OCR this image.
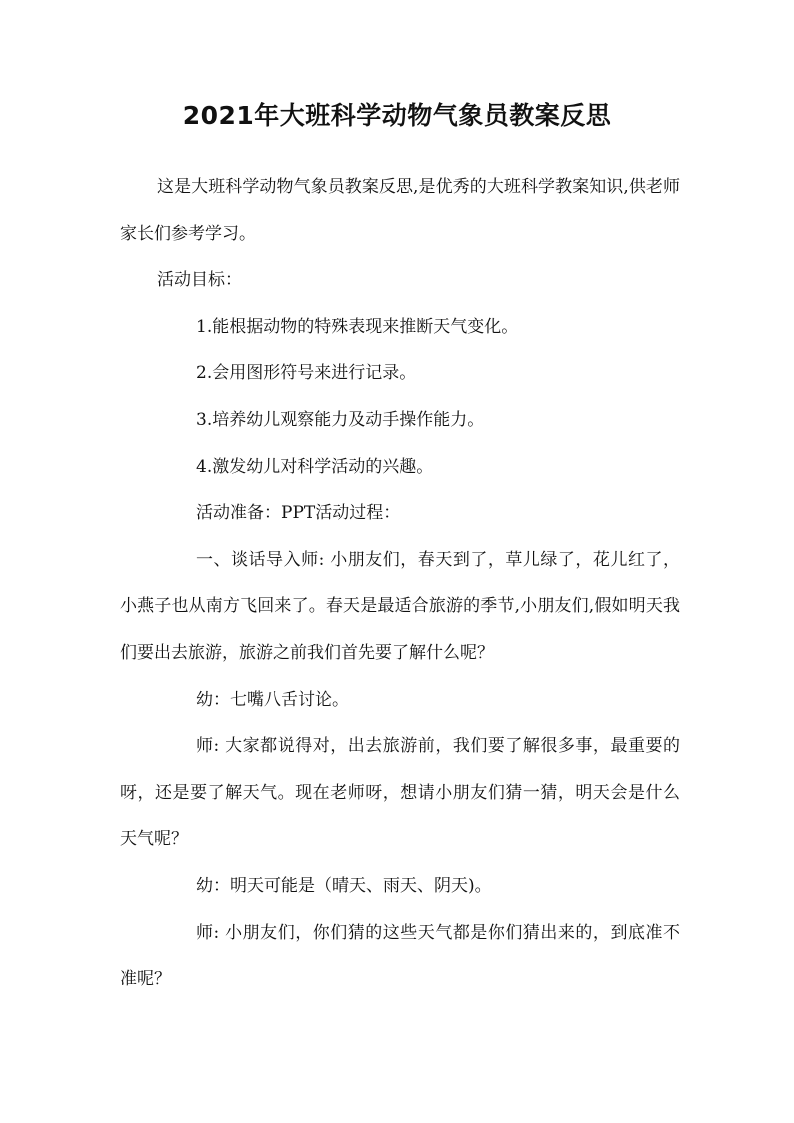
2021年大班科学动物气象员教案反思

这是大班科学动物气象员教案反思,是优秀的大班科学教案知识,供老师家长们参考学习。

活动目标：

1.能根据动物的特殊表现来推断天气变化。

2.会用图形符号来进行记录。

3.培养幼儿观察能力及动手操作能力。

4.激发幼儿对科学活动的兴趣。

活动准备：PPT活动过程：

一、谈话导入师: 小朋友们，春天到了，草儿绿了，花儿红了，小燕子也从南方飞回来了。春天是最适合旅游的季节,小朋友们,假如明天我们要出去旅游，旅游之前我们首先要了解什么呢？

幼：七嘴八舌讨论。

师: 大家都说得对，出去旅游前，我们要了解很多事，最重要的呀，还是要了解天气。现在老师呀，想请小朋友们猜一猜，明天会是什么天气呢？

幼：明天可能是（晴天、雨天、阴天)。

师: 小朋友们，你们猜的这些天气都是你们猜出来的，到底准不准呢？
